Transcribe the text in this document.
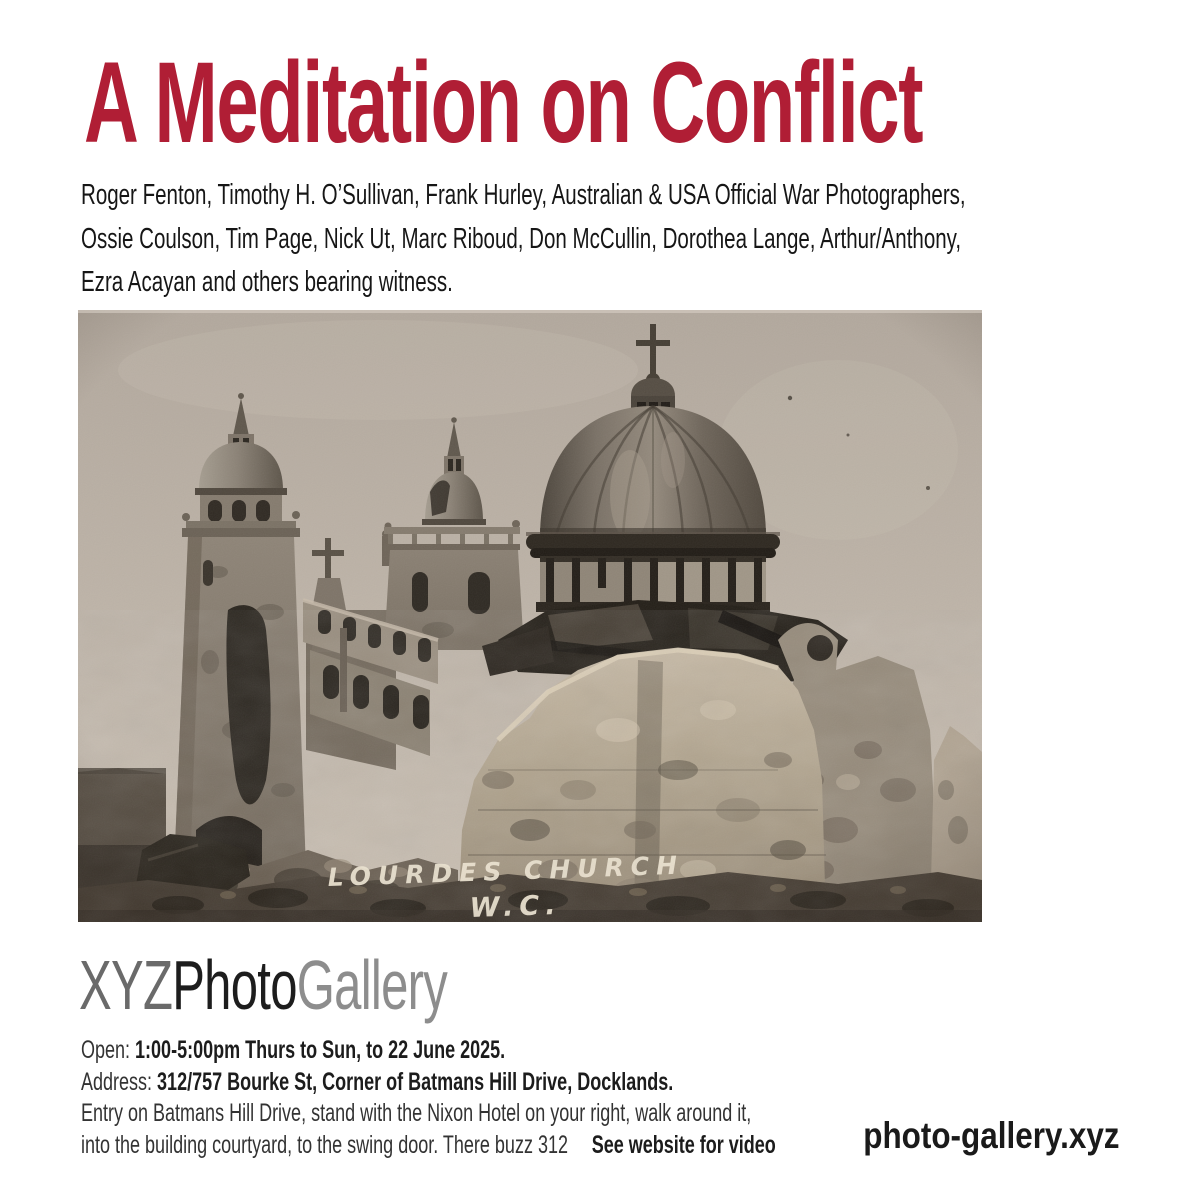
A Meditation on Conflict
Roger Fenton, Timothy H. O’Sullivan, Frank Hurley, Australian & USA Official War Photographers,
Ossie Coulson, Tim Page, Nick Ut, Marc Riboud, Don McCullin, Dorothea Lange, Arthur/Anthony,
Ezra Acayan and others bearing witness.
XYZPhotoGallery
Open: 1:00-5:00pm Thurs to Sun, to 22 June 2025.
Address: 312/757 Bourke St, Corner of Batmans Hill Drive, Docklands.
Entry on Batmans Hill Drive, stand with the Nixon Hotel on your right, walk around it,
into the building courtyard, to the swing door. There buzz 312 See website for video photo-gallery.xyz
